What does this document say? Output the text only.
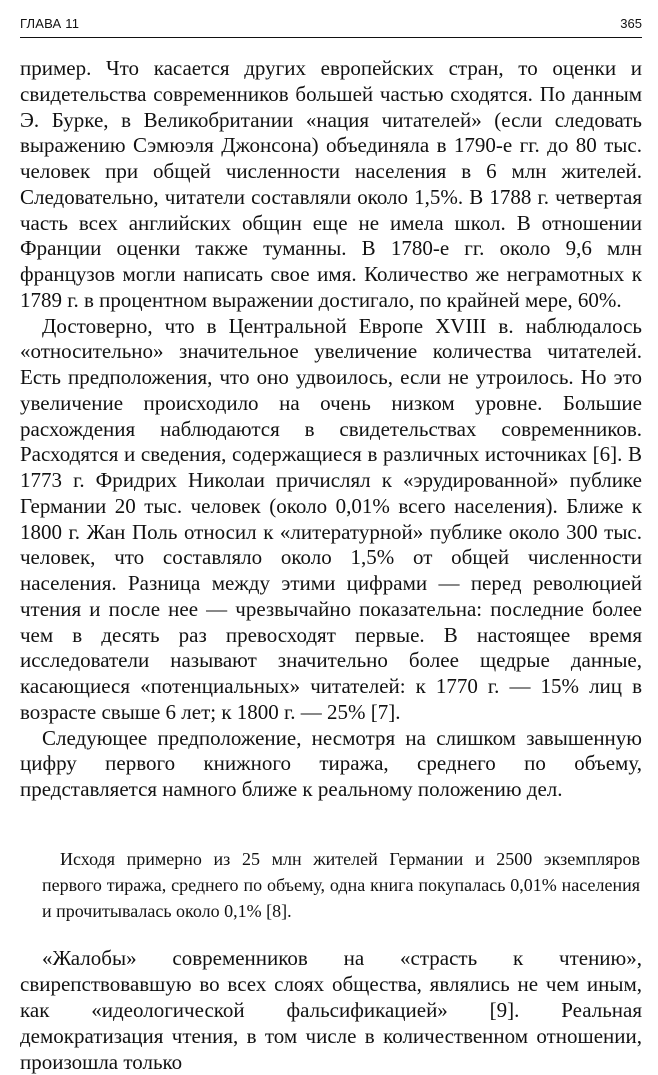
ГЛАВА 11	365

пример. Что касается других европейских стран, то оценки и свидетельства современников большей частью сходятся. По данным Э. Бурке, в Великобритании «нация читателей» (если следовать выражению Сэмюэля Джонсона) объединяла в 1790-е гг. до 80 тыс. человек при общей численности населения в 6 млн жителей. Следовательно, читатели составляли около 1,5%. В 1788 г. четвертая часть всех английских общин еще не имела школ. В отношении Франции оценки также туманны. В 1780-е гг. около 9,6 млн французов могли написать свое имя. Количество же неграмотных к 1789 г. в процентном выражении достигало, по крайней мере, 60%.

Достоверно, что в Центральной Европе XVIII в. наблюдалось «относительно» значительное увеличение количества читателей. Есть предположения, что оно удвоилось, если не утроилось. Но это увеличение происходило на очень низком уровне. Большие расхождения наблюдаются в свидетельствах современников. Расходятся и сведения, содержащиеся в различных источниках [6]. В 1773 г. Фридрих Николаи причислял к «эрудированной» публике Германии 20 тыс. человек (около 0,01% всего населения). Ближе к 1800 г. Жан Поль относил к «литературной» публике около 300 тыс. человек, что составляло около 1,5% от общей численности населения. Разница между этими цифрами — перед революцией чтения и после нее — чрезвычайно показательна: последние более чем в десять раз превосходят первые. В настоящее время исследователи называют значительно более щедрые данные, касающиеся «потенциальных» читателей: к 1770 г. — 15% лиц в возрасте свыше 6 лет; к 1800 г. — 25% [7].

Следующее предположение, несмотря на слишком завышенную цифру первого книжного тиража, среднего по объему, представляется намного ближе к реальному положению дел.

Исходя примерно из 25 млн жителей Германии и 2500 экземпляров первого тиража, среднего по объему, одна книга покупалась 0,01% населения и прочитывалась около 0,1% [8].

«Жалобы» современников на «страсть к чтению», свирепствовавшую во всех слоях общества, являлись не чем иным, как «идеологической фальсификацией» [9]. Реальная демократизация чтения, в том числе в количественном отношении, произошла только
